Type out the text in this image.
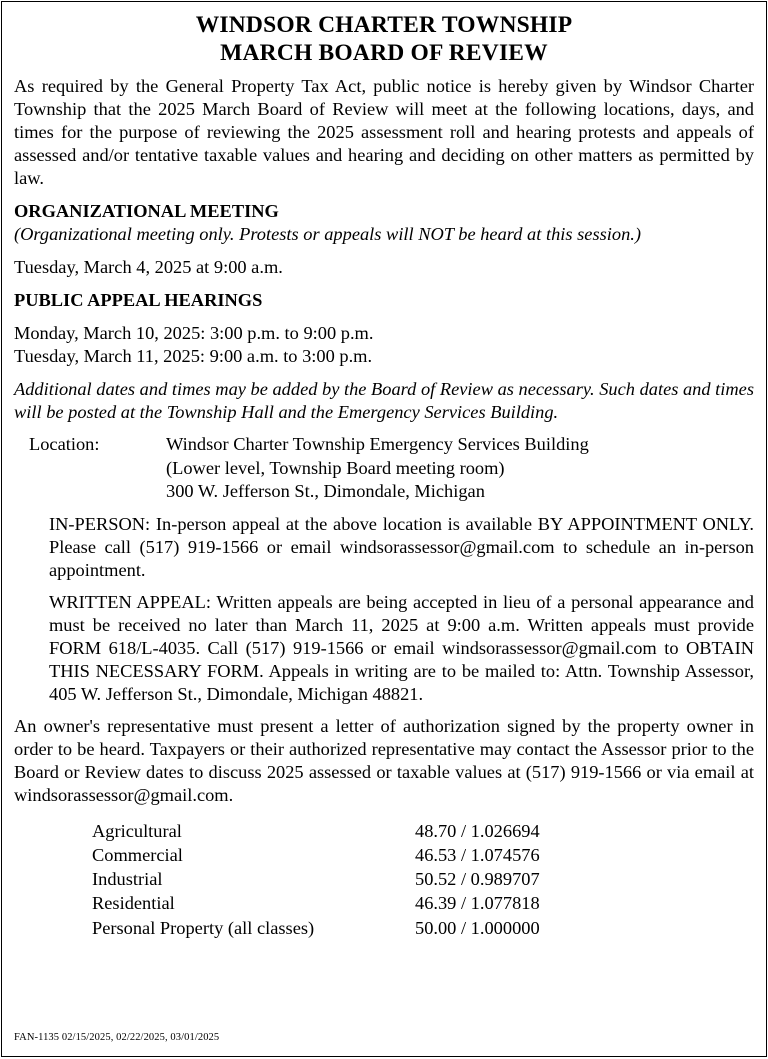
WINDSOR CHARTER TOWNSHIP
MARCH BOARD OF REVIEW

As required by the General Property Tax Act, public notice is hereby given by Windsor Charter Township that the 2025 March Board of Review will meet at the following locations, days, and times for the purpose of reviewing the 2025 assessment roll and hearing protests and appeals of assessed and/or tentative taxable values and hearing and deciding on other matters as permitted by law.

ORGANIZATIONAL MEETING

(Organizational meeting only. Protests or appeals will NOT be heard at this session.)

Tuesday, March 4, 2025 at 9:00 a.m.

PUBLIC APPEAL HEARINGS
Monday, March 10, 2025: 3:00 p.m. to 9:00 p.m.
Tuesday, March 11, 2025: 9:00 a.m. to 3:00 p.m.

Additional dates and times may be added by the Board of Review as necessary. Such dates and times will be posted at the Township Hall and the Emergency Services Building.

Location:	Windsor Charter Township Emergency Services Building
(Lower level, Township Board meeting room)
300 W. Jefferson St., Dimondale, Michigan

IN-PERSON: In-person appeal at the above location is available BY APPOINTMENT ONLY. Please call (517) 919-1566 or email windsorassessor@gmail.com to schedule an in-person appointment.

WRITTEN APPEAL: Written appeals are being accepted in lieu of a personal appearance and must be received no later than March 11, 2025 at 9:00 a.m. Written appeals must provide FORM 618/L-4035. Call (517) 919-1566 or email windsorassessor@gmail.com to OBTAIN THIS NECESSARY FORM. Appeals in writing are to be mailed to: Attn. Township Assessor, 405 W. Jefferson St., Dimondale, Michigan 48821.

An owner's representative must present a letter of authorization signed by the property owner in order to be heard. Taxpayers or their authorized representative may contact the Assessor prior to the Board or Review dates to discuss 2025 assessed or taxable values at (517) 919-1566 or via email at windsorassessor@gmail.com.

Agricultural	48.70 / 1.026694
Commercial	46.53 / 1.074576
Industrial	50.52 / 0.989707
Residential	46.39 / 1.077818
Personal Property (all classes)	50.00 / 1.000000
FAN-1135 02/15/2025, 02/22/2025, 03/01/2025
